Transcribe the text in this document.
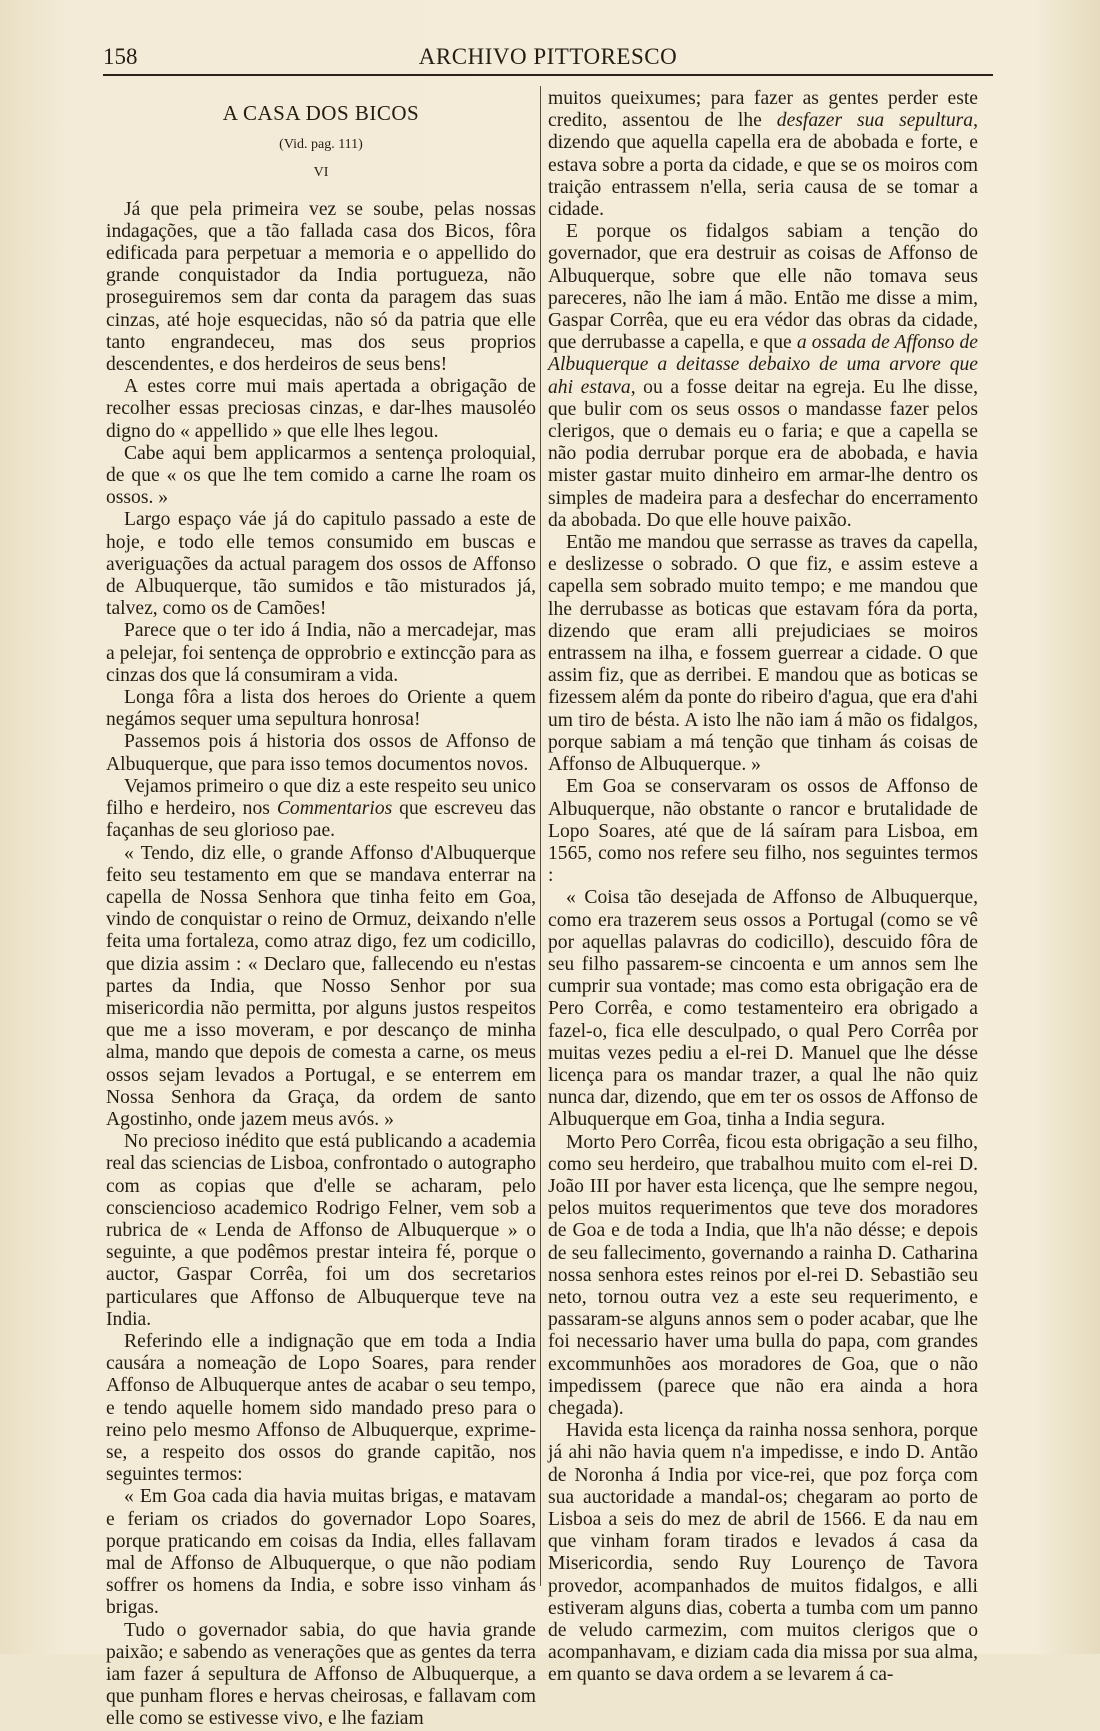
158	ARCHIVO PITTORESCO
A CASA DOS BICOS
(Vid. pag. 111)
VI

Já que pela primeira vez se soube, pelas nossas indagações, que a tão fallada casa dos Bicos, fôra edificada para perpetuar a memoria e o appellido do grande conquistador da India portugueza, não proseguiremos sem dar conta da paragem das suas cinzas, até hoje esquecidas, não só da patria que elle tanto engrandeceu, mas dos seus proprios descendentes, e dos herdeiros de seus bens!

A estes corre mui mais apertada a obrigação de recolher essas preciosas cinzas, e dar-lhes mausoléo digno do « appellido » que elle lhes legou.

Cabe aqui bem applicarmos a sentença proloquial, de que « os que lhe tem comido a carne lhe roam os ossos. »

Largo espaço váe já do capitulo passado a este de hoje, e todo elle temos consumido em buscas e averiguações da actual paragem dos ossos de Affonso de Albuquerque, tão sumidos e tão misturados já, talvez, como os de Camões!

Parece que o ter ido á India, não a mercadejar, mas a pelejar, foi sentença de opprobrio e extincção para as cinzas dos que lá consumiram a vida.

Longa fôra a lista dos heroes do Oriente a quem negámos sequer uma sepultura honrosa!

Passemos pois á historia dos ossos de Affonso de Albuquerque, que para isso temos documentos novos.

Vejamos primeiro o que diz a este respeito seu unico filho e herdeiro, nos Commentarios que escreveu das façanhas de seu glorioso pae.

« Tendo, diz elle, o grande Affonso d'Albuquerque feito seu testamento em que se mandava enterrar na capella de Nossa Senhora que tinha feito em Goa, vindo de conquistar o reino de Ormuz, deixando n'elle feita uma fortaleza, como atraz digo, fez um codicillo, que dizia assim : « Declaro que, fallecendo eu n'estas partes da India, que Nosso Senhor por sua misericordia não permitta, por alguns justos respeitos que me a isso moveram, e por descanço de minha alma, mando que depois de comesta a carne, os meus ossos sejam levados a Portugal, e se enterrem em Nossa Senhora da Graça, da ordem de santo Agostinho, onde jazem meus avós. »

No precioso inédito que está publicando a academia real das sciencias de Lisboa, confrontado o autographo com as copias que d'elle se acharam, pelo consciencioso academico Rodrigo Felner, vem sob a rubrica de « Lenda de Affonso de Albuquerque » o seguinte, a que podêmos prestar inteira fé, porque o auctor, Gaspar Corrêa, foi um dos secretarios particulares que Affonso de Albuquerque teve na India.

Referindo elle a indignação que em toda a India causára a nomeação de Lopo Soares, para render Affonso de Albuquerque antes de acabar o seu tempo, e tendo aquelle homem sido mandado preso para o reino pelo mesmo Affonso de Albuquerque, exprime-se, a respeito dos ossos do grande capitão, nos seguintes termos:

« Em Goa cada dia havia muitas brigas, e matavam e feriam os criados do governador Lopo Soares, porque praticando em coisas da India, elles fallavam mal de Affonso de Albuquerque, o que não podiam soffrer os homens da India, e sobre isso vinham ás brigas.

Tudo o governador sabia, do que havia grande paixão; e sabendo as venerações que as gentes da terra iam fazer á sepultura de Affonso de Albuquerque, a que punham flores e hervas cheirosas, e fallavam com elle como se estivesse vivo, e lhe faziam

muitos queixumes; para fazer as gentes perder este credito, assentou de lhe desfazer sua sepultura, dizendo que aquella capella era de abobada e forte, e estava sobre a porta da cidade, e que se os moiros com traição entrassem n'ella, seria causa de se tomar a cidade.

E porque os fidalgos sabiam a tenção do governador, que era destruir as coisas de Affonso de Albuquerque, sobre que elle não tomava seus pareceres, não lhe iam á mão. Então me disse a mim, Gaspar Corrêa, que eu era védor das obras da cidade, que derrubasse a capella, e que a ossada de Affonso de Albuquerque a deitasse debaixo de uma arvore que ahi estava, ou a fosse deitar na egreja. Eu lhe disse, que bulir com os seus ossos o mandasse fazer pelos clerigos, que o demais eu o faria; e que a capella se não podia derrubar porque era de abobada, e havia mister gastar muito dinheiro em armar-lhe dentro os simples de madeira para a desfechar do encerramento da abobada. Do que elle houve paixão.

Então me mandou que serrasse as traves da capella, e deslizesse o sobrado. O que fiz, e assim esteve a capella sem sobrado muito tempo; e me mandou que lhe derrubasse as boticas que estavam fóra da porta, dizendo que eram alli prejudiciaes se moiros entrassem na ilha, e fossem guerrear a cidade. O que assim fiz, que as derribei. E mandou que as boticas se fizessem além da ponte do ribeiro d'agua, que era d'ahi um tiro de bésta. A isto lhe não iam á mão os fidalgos, porque sabiam a má tenção que tinham ás coisas de Affonso de Albuquerque. »

Em Goa se conservaram os ossos de Affonso de Albuquerque, não obstante o rancor e brutalidade de Lopo Soares, até que de lá saíram para Lisboa, em 1565, como nos refere seu filho, nos seguintes termos :

« Coisa tão desejada de Affonso de Albuquerque, como era trazerem seus ossos a Portugal (como se vê por aquellas palavras do codicillo), descuido fôra de seu filho passarem-se cincoenta e um annos sem lhe cumprir sua vontade; mas como esta obrigação era de Pero Corrêa, e como testamenteiro era obrigado a fazel-o, fica elle desculpado, o qual Pero Corrêa por muitas vezes pediu a el-rei D. Manuel que lhe désse licença para os mandar trazer, a qual lhe não quiz nunca dar, dizendo, que em ter os ossos de Affonso de Albuquerque em Goa, tinha a India segura.

Morto Pero Corrêa, ficou esta obrigação a seu filho, como seu herdeiro, que trabalhou muito com el-rei D. João III por haver esta licença, que lhe sempre negou, pelos muitos requerimentos que teve dos moradores de Goa e de toda a India, que lh'a não désse; e depois de seu fallecimento, governando a rainha D. Catharina nossa senhora estes reinos por el-rei D. Sebastião seu neto, tornou outra vez a este seu requerimento, e passaram-se alguns annos sem o poder acabar, que lhe foi necessario haver uma bulla do papa, com grandes excommunhões aos moradores de Goa, que o não impedissem (parece que não era ainda a hora chegada).

Havida esta licença da rainha nossa senhora, porque já ahi não havia quem n'a impedisse, e indo D. Antão de Noronha á India por vice-rei, que poz força com sua auctoridade a mandal-os; chegaram ao porto de Lisboa a seis do mez de abril de 1566. E da nau em que vinham foram tirados e levados á casa da Misericordia, sendo Ruy Lourenço de Tavora provedor, acompanhados de muitos fidalgos, e alli estiveram alguns dias, coberta a tumba com um panno de veludo carmezim, com muitos clerigos que o acompanhavam, e diziam cada dia missa por sua alma, em quanto se dava ordem a se levarem á ca-
